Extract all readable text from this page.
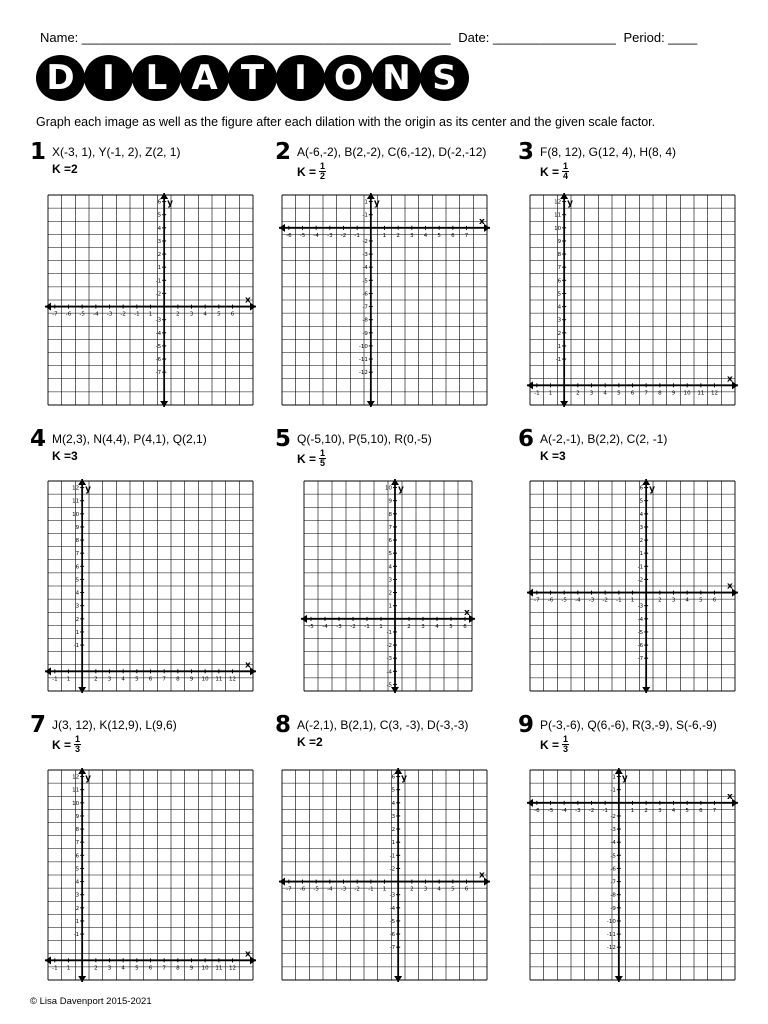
Name: ___________________________________________________ Date: _________________ Period: ____
D I L A T I O N S
Graph each image as well as the figure after each dilation with the origin as its center and the given scale factor.
1 X(-3, 1), Y(-1, 2), Z(2, 1)
K = 2
x
y
-7 -6 -5 -4 -3 -2 -1 1	2 3 4 5 6
6
5
4
3
2
1
-1
-2
-3
-4
-5
-6
-7
2 A(-6,-2), B(2,-2), C(6,-12), D(-2,-12)
$K = \frac{1}{2}$
x
y
-6 -5 -4 -3 -2 -1	1 2 3 4 5 6 7
1
-1
-2
-3
-4
-5
-6
-7
-8
-9
-10
-11
-12
3 F(8, 12), G(12, 4), H(8, 4)
$K = \frac{1}{4}$
x
y
-1 1	2 3 4 5 6 7 8 9 10 11 12
12
11
10
9
8
7
6
5
4
3
2
1
-1
4 M(2,3), N(4,4), P(4,1), Q(2,1)
K = 3
x
y
-1 1	2 3 4 5 6 7 8 9 10 11 12
12
11
10
9
8
7
6
5
4
3
2
1
-1
5 Q(-5,10), P(5,10), R(0,-5)
$K = \frac{1}{5}$
x
y
-5 -4 -3 -2 -1 1	2 3 4 5 6
10
9
8
7
6
5
4
3
2
1
-1
-2
-3
-4
-5
6 A(-2,-1), B(2,2), C(2, -1)
K = 3
x
y
-7 -6 -5 -4 -3 -2 -1 1	2 3 4 5 6
6
5
4
3
2
1
-1
-2
-3
-4
-5
-6
-7
7 J(3, 12), K(12,9), L(9,6)
$K = \frac{1}{3}$
x
y
-1 1	2 3 4 5 6 7 8 9 10 11 12
12
11
10
9
8
7
6
5
4
3
2
1
-1
8 A(-2,1), B(2,1), C(3, -3), D(-3,-3)
K = 2
x
y
-7 -6 -5 -4 -3 -2 -1 1	2 3 4 5 6
6
5
4
3
2
1
-1
-2
-3
-4
-5
-6
-7
9 P(-3,-6), Q(6,-6), R(3,-9), S(-6,-9)
$K = \frac{1}{3}$
x
y
-6 -5 -4 -3 -2 -1	1 2 3 4 5 6 7
1
-1
-2
-3
-4
-5
-6
-7
-8
-9
-10
-11
-12
© Lisa Davenport 2015-2021
